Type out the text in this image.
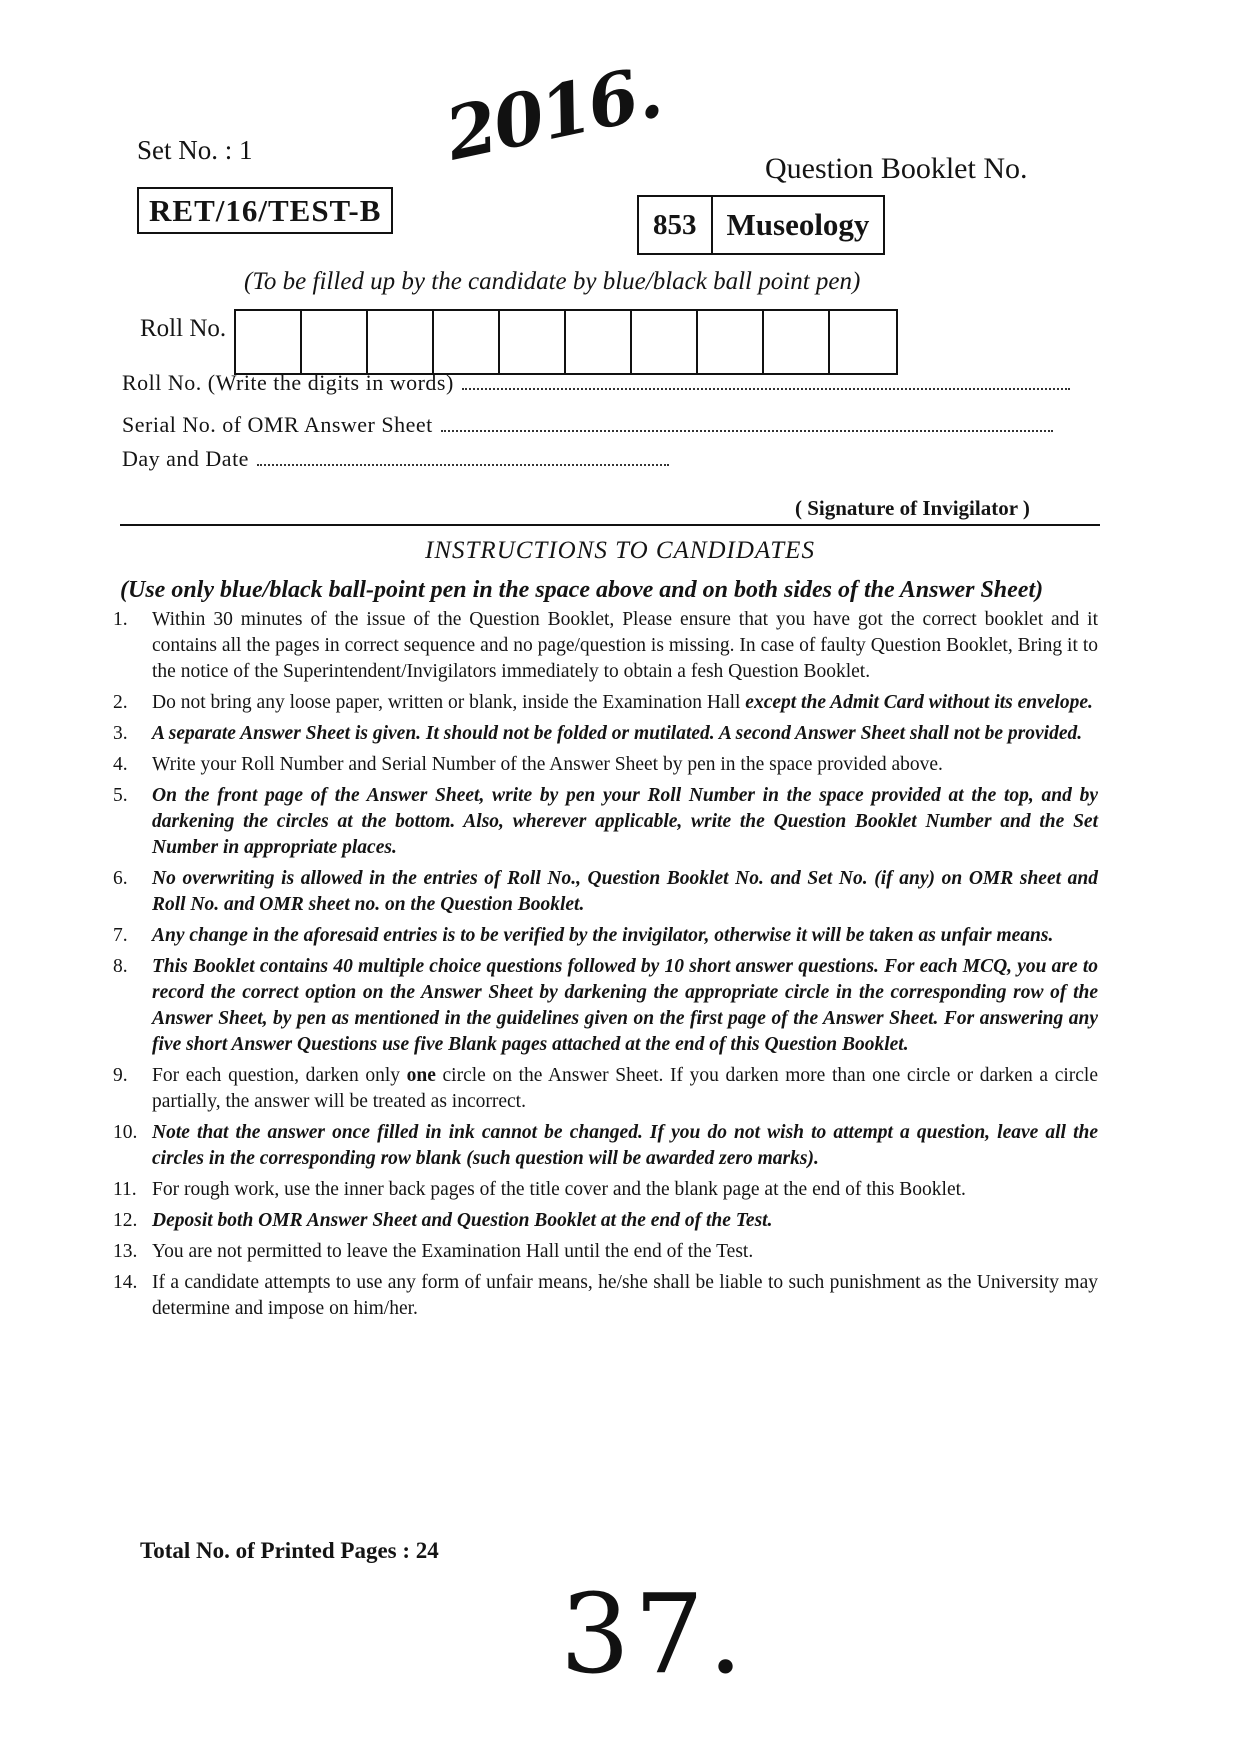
2016.
Set No. : 1
RET/16/TEST-B
Question Booklet No.
853 Museology
(To be filled up by the candidate by blue/black ball point pen)
Roll No.
Roll No. (Write the digits in words)
Serial No. of OMR Answer Sheet
Day and Date
( Signature of Invigilator )
INSTRUCTIONS TO CANDIDATES
(Use only blue/black ball-point pen in the space above and on both sides of the Answer Sheet)
1.	Within 30 minutes of the issue of the Question Booklet, Please ensure that you have got the correct booklet and it contains all the pages in correct sequence and no page/question is missing. In case of faulty Question Booklet, Bring it to the notice of the Superintendent/Invigilators immediately to obtain a fesh Question Booklet.
2.	Do not bring any loose paper, written or blank, inside the Examination Hall except the Admit Card without its envelope.
3.	A separate Answer Sheet is given. It should not be folded or mutilated. A second Answer Sheet shall not be provided.
4.	Write your Roll Number and Serial Number of the Answer Sheet by pen in the space provided above.
5.	On the front page of the Answer Sheet, write by pen your Roll Number in the space provided at the top, and by darkening the circles at the bottom. Also, wherever applicable, write the Question Booklet Number and the Set Number in appropriate places.
6.	No overwriting is allowed in the entries of Roll No., Question Booklet No. and Set No. (if any) on OMR sheet and Roll No. and OMR sheet no. on the Question Booklet.
7.	Any change in the aforesaid entries is to be verified by the invigilator, otherwise it will be taken as unfair means.
8.	This Booklet contains 40 multiple choice questions followed by 10 short answer questions. For each MCQ, you are to record the correct option on the Answer Sheet by darkening the appropriate circle in the corresponding row of the Answer Sheet, by pen as mentioned in the guidelines given on the first page of the Answer Sheet. For answering any five short Answer Questions use five Blank pages attached at the end of this Question Booklet.
9.	For each question, darken only one circle on the Answer Sheet. If you darken more than one circle or darken a circle partially, the answer will be treated as incorrect.
10. Note that the answer once filled in ink cannot be changed. If you do not wish to attempt a question, leave all the circles in the corresponding row blank (such question will be awarded zero marks).
11. For rough work, use the inner back pages of the title cover and the blank page at the end of this Booklet.
12. Deposit both OMR Answer Sheet and Question Booklet at the end of the Test.
13. You are not permitted to leave the Examination Hall until the end of the Test.
14. If a candidate attempts to use any form of unfair means, he/she shall be liable to such punishment as the University may determine and impose on him/her.
Total No. of Printed Pages : 24
37.
